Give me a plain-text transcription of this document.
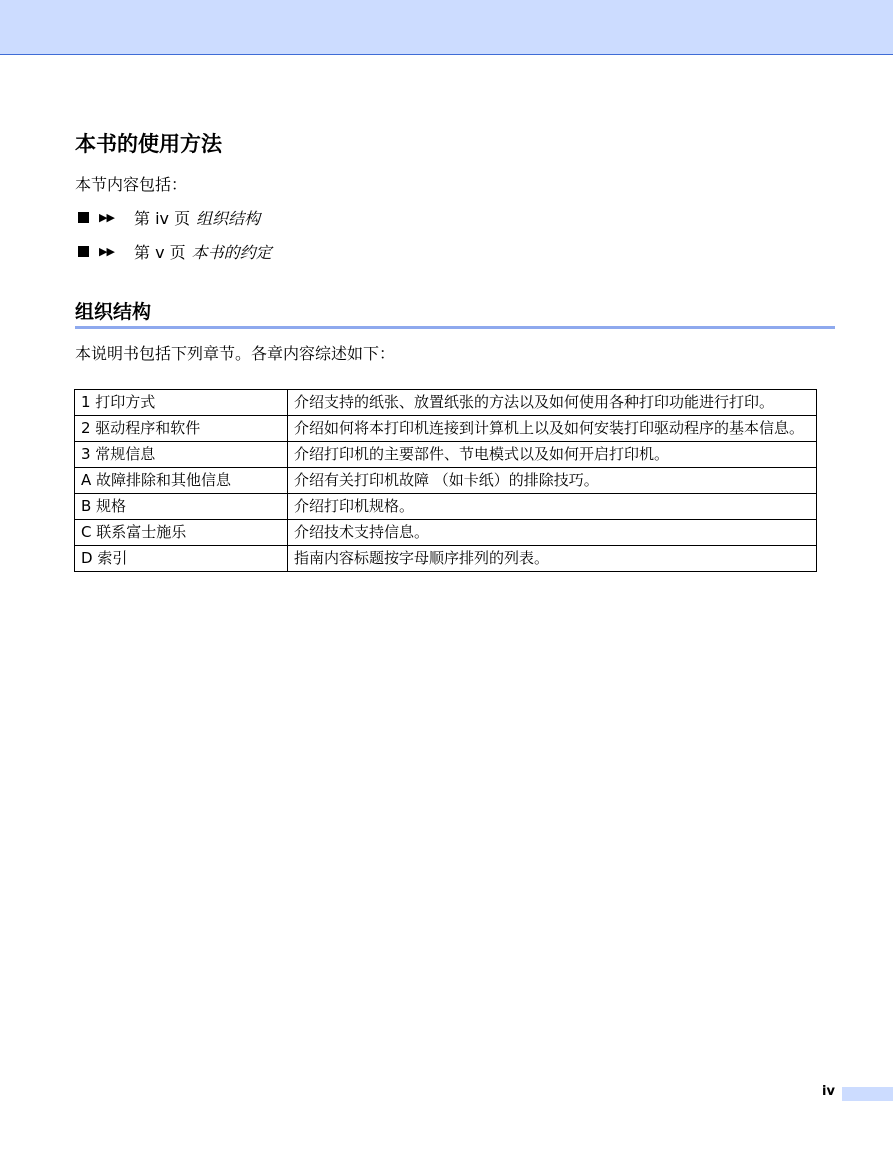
本书的使用方法

本节内容包括：

▶▶	第 iv 页 组织结构
▶▶	第 v 页 本书的约定
组织结构

本说明书包括下列章节。各章内容综述如下：

1 打印方式	介绍支持的纸张、放置纸张的方法以及如何使用各种打印功能进行打印。
2 驱动程序和软件	介绍如何将本打印机连接到计算机上以及如何安装打印驱动程序的基本信息。
3 常规信息	介绍打印机的主要部件、节电模式以及如何开启打印机。
A 故障排除和其他信息	介绍有关打印机故障 （如卡纸）的排除技巧。
B 规格	介绍打印机规格。
C 联系富士施乐	介绍技术支持信息。
D 索引	指南内容标题按字母顺序排列的列表。
iv
